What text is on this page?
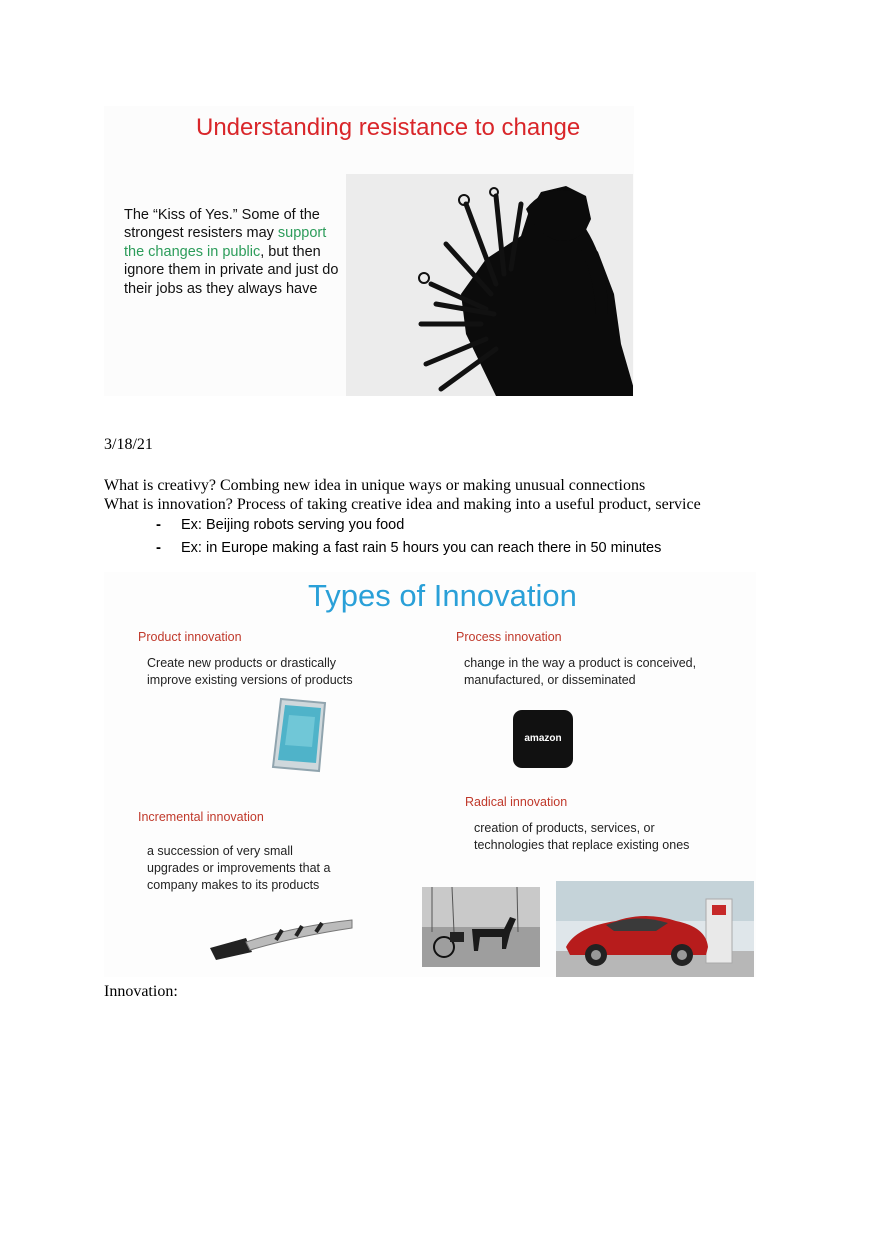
Understanding resistance to change
The “Kiss of Yes.” Some of the strongest resisters may support the changes in public, but then ignore them in private and just do their jobs as they always have
3/18/21
What is creativy? Combing new idea in unique ways or making unusual connections
What is innovation? Process of taking creative idea and making into a useful product, service
- Ex: Beijing robots serving you food
- Ex: in Europe making a fast rain 5 hours you can reach there in 50 minutes
Types of Innovation
Product innovation
Create new products or drastically
improve existing versions of products
Process innovation
change in the way a product is conceived,
manufactured, or disseminated
amazon
Incremental innovation
a succession of very small
upgrades or improvements that a
company makes to its products
Radical innovation
creation of products, services, or
technologies that replace existing ones
Innovation:
